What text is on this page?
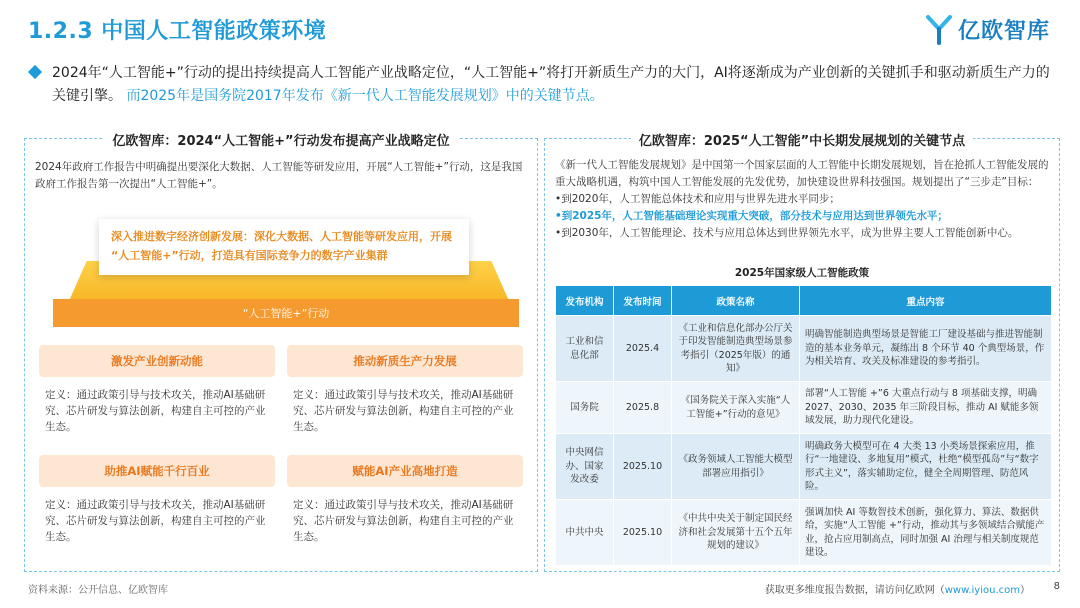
1.2.3 中国人工智能政策环境	亿欧智库
2024年“人工智能+”行动的提出持续提高人工智能产业战略定位，“人工智能+”将打开新质生产力的大门，AI将逐渐成为产业创新的关键抓手和驱动新质生产力的关键引擎。 而2025年是国务院2017年发布《新一代人工智能发展规划》中的关键节点。
亿欧智库：2024“人工智能+”行动发布提高产业战略定位
2024年政府工作报告中明确提出要深化大数据、人工智能等研发应用，开展“人工智能+”行动，这是我国政府工作报告第一次提出“人工智能+”。
深入推进数字经济创新发展：深化大数据、人工智能等研发应用，开展
“人工智能+”行动，打造具有国际竞争力的数字产业集群
“人工智能+”行动
激发产业创新动能
定义：通过政策引导与技术攻关，推动AI基础研究、芯片研发与算法创新，构建自主可控的产业生态。
推动新质生产力发展
定义：通过政策引导与技术攻关，推动AI基础研究、芯片研发与算法创新，构建自主可控的产业生态。
助推AI赋能千行百业
定义：通过政策引导与技术攻关，推动AI基础研究、芯片研发与算法创新，构建自主可控的产业生态。
赋能AI产业高地打造
定义：通过政策引导与技术攻关，推动AI基础研究、芯片研发与算法创新，构建自主可控的产业生态。
亿欧智库：2025“人工智能”中长期发展规划的关键节点
《新一代人工智能发展规划》是中国第一个国家层面的人工智能中长期发展规划，旨在抢抓人工智能发展的重大战略机遇，构筑中国人工智能发展的先发优势，加快建设世界科技强国。规划提出了“三步走”目标：
•到2020年，人工智能总体技术和应用与世界先进水平同步；
•到2025年，人工智能基础理论实现重大突破，部分技术与应用达到世界领先水平；
•到2030年，人工智能理论、技术与应用总体达到世界领先水平，成为世界主要人工智能创新中心。
2025年国家级人工智能政策
发布机构	发布时间	政策名称	重点内容
工业和信息化部	2025.4	《工业和信息化部办公厅关于印发智能制造典型场景参考指引（2025年版）的通知》	明确智能制造典型场景是智能工厂建设基础与推进智能制造的基本业务单元，凝练出 8 个环节 40 个典型场景，作为相关培育、攻关及标准建设的参考指引。
国务院	2025.8	《国务院关于深入实施“人工智能+”行动的意见》	部署“人工智能 +”6 大重点行动与 8 项基础支撑，明确 2027、2030、2035 年三阶段目标，推动 AI 赋能多领域发展，助力现代化建设。
中央网信办、国家发改委	2025.10	《政务领域人工智能大模型部署应用指引》	明确政务大模型可在 4 大类 13 小类场景探索应用，推行“一地建设、多地复用”模式，杜绝“模型孤岛”与“数字形式主义”，落实辅助定位，健全全周期管理、防范风险。
中共中央	2025.10	《中共中央关于制定国民经济和社会发展第十五个五年规划的建议》	强调加快 AI 等数智技术创新，强化算力、算法、数据供给，实施“人工智能 +”行动，推动其与多领域结合赋能产业，抢占应用制高点，同时加强 AI 治理与相关制度规范建设。
资料来源：公开信息、亿欧智库	获取更多维度报告数据，请访问亿欧网（www.iyiou.com） 8
